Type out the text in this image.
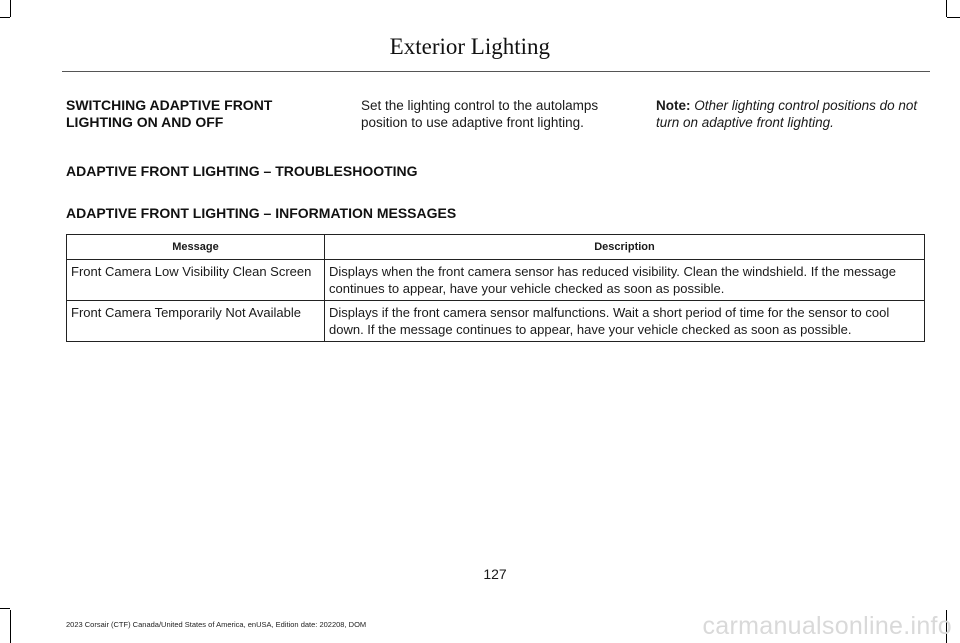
Exterior Lighting
SWITCHING ADAPTIVE FRONT LIGHTING ON AND OFF
Set the lighting control to the autolamps position to use adaptive front lighting.
Note: Other lighting control positions do not turn on adaptive front lighting.
ADAPTIVE FRONT LIGHTING – TROUBLESHOOTING
ADAPTIVE FRONT LIGHTING – INFORMATION MESSAGES
Message	Description
Front Camera Low Visibility Clean Screen	Displays when the front camera sensor has reduced visibility. Clean the windshield. If the message continues to appear, have your vehicle checked as soon as possible.
Front Camera Temporarily Not Available	Displays if the front camera sensor malfunctions. Wait a short period of time for the sensor to cool down. If the message continues to appear, have your vehicle checked as soon as possible.
127
2023 Corsair (CTF) Canada/United States of America, enUSA, Edition date: 202208, DOM	carmanualsonline.info
